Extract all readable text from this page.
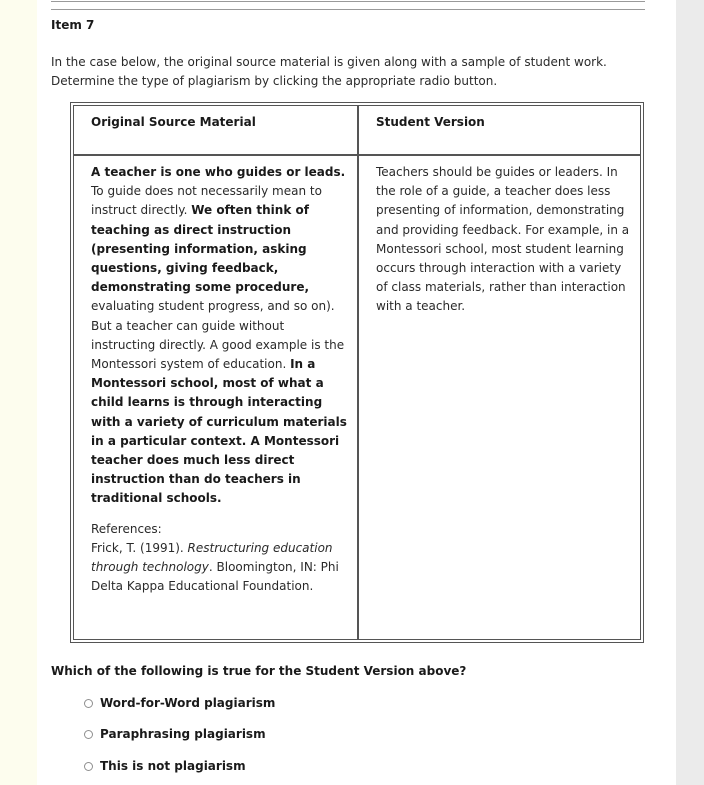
Item 7

In the case below, the original source material is given along with a sample of student work.

Determine the type of plagiarism by clicking the appropriate radio button.

Original Source Material	Student Version

A teacher is one who guides or leads. To guide does not necessarily mean to instruct directly. We often think of teaching as direct instruction (presenting information, asking questions, giving feedback, demonstrating some procedure, evaluating student progress, and so on). But a teacher can guide without instructing directly. A good example is the Montessori system of education. In a Montessori school, most of what a child learns is through interacting with a variety of curriculum materials in a particular context. A Montessori teacher does much less direct instruction than do teachers in traditional schools.

References:
Frick, T. (1991). Restructuring education through technology. Bloomington, IN: Phi Delta Kappa Educational Foundation.

Teachers should be guides or leaders. In the role of a guide, a teacher does less presenting of information, demonstrating and providing feedback. For example, in a Montessori school, most student learning occurs through interaction with a variety of class materials, rather than interaction with a teacher.

Which of the following is true for the Student Version above?
Word-for-Word plagiarism
Paraphrasing plagiarism
This is not plagiarism
